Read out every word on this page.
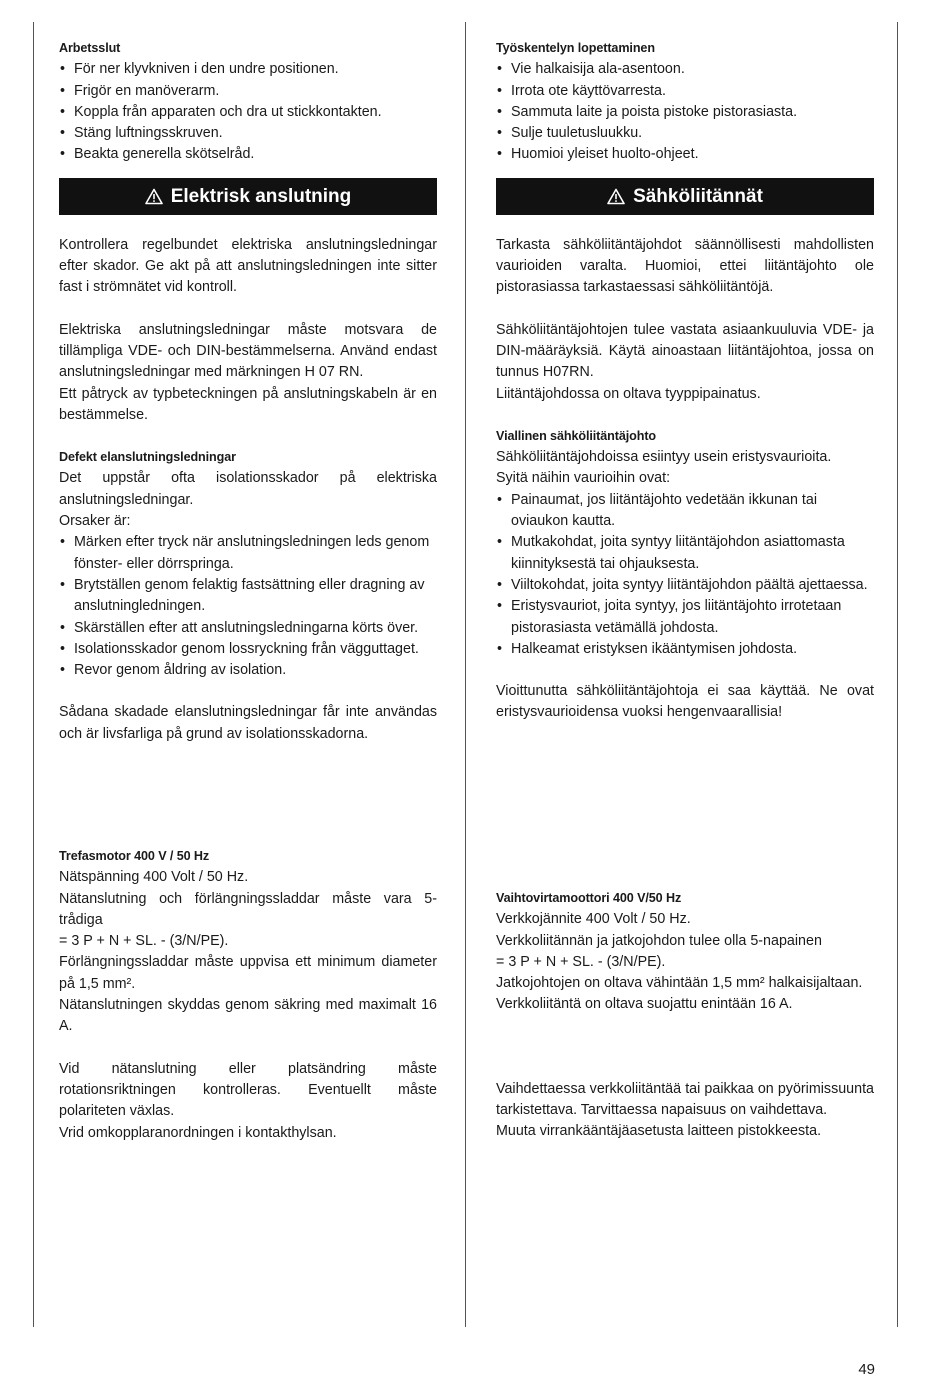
Arbetsslut

• För ner klyvkniven i den undre positionen.
• Frigör en manöverarm.
• Koppla från apparaten och dra ut stickkontakten.
• Stäng luftningsskruven.
• Beakta generella skötselråd.
Elektrisk anslutning

Kontrollera regelbundet elektriska anslutningsledningar efter skador. Ge akt på att anslutningsledningen inte sitter fast i strömnätet vid kontroll.

Elektriska anslutningsledningar måste motsvara de tillämpliga VDE- och DIN-bestämmelserna. Använd endast anslutningsledningar med märkningen H 07 RN.

Ett påtryck av typbeteckningen på anslutningskabeln är en bestämmelse.

Defekt elanslutningsledningar

Det uppstår ofta isolationsskador på elektriska anslutningsledningar.

Orsaker är:

• Märken efter tryck när anslutningsledningen leds genom fönster- eller dörrspringa.
• Brytställen genom felaktig fastsättning eller dragning av anslutningledningen.
• Skärställen efter att anslutningsledningarna körts över.
• Isolationsskador genom lossryckning från vägguttaget.
• Revor genom åldring av isolation.

Sådana skadade elanslutningsledningar får inte användas och är livsfarliga på grund av isolationsskadorna.

Trefasmotor 400 V / 50 Hz

Nätspänning 400 Volt / 50 Hz.

Nätanslutning och förlängningssladdar måste vara 5-trådiga

= 3 P + N + SL. - (3/N/PE).

Förlängningssladdar måste uppvisa ett minimum diameter på 1,5 mm².

Nätanslutningen skyddas genom säkring med maximalt 16 A.

Vid nätanslutning eller platsändring måste rotationsriktningen kontrolleras. Eventuellt måste polariteten växlas.

Vrid omkopplaranordningen i kontakthylsan.

Työskentelyn lopettaminen

• Vie halkaisija ala-asentoon.
• Irrota ote käyttövarresta.
• Sammuta laite ja poista pistoke pistorasiasta.
• Sulje tuuletusluukku.
• Huomioi yleiset huolto-ohjeet.
Sähköliitännät

Tarkasta sähköliitäntäjohdot säännöllisesti mahdollisten vaurioiden varalta. Huomioi, ettei liitäntäjohto ole pistorasiassa tarkastaessasi sähköliitäntöjä.

Sähköliitäntäjohtojen tulee vastata asiaankuuluvia VDE- ja DIN-määräyksiä. Käytä ainoastaan liitäntäjohtoa, jossa on tunnus H07RN.

Liitäntäjohdossa on oltava tyyppipainatus.

Viallinen sähköliitäntäjohto

Sähköliitäntäjohdoissa esiintyy usein eristysvaurioita.

Syitä näihin vaurioihin ovat:

• Painaumat, jos liitäntäjohto vedetään ikkunan tai oviaukon kautta.
• Mutkakohdat, joita syntyy liitäntäjohdon asiattomasta kiinnityksestä tai ohjauksesta.
• Viiltokohdat, joita syntyy liitäntäjohdon päältä ajettaessa.
• Eristysvauriot, joita syntyy, jos liitäntäjohto irrotetaan pistorasiasta vetämällä johdosta.
• Halkeamat eristyksen ikääntymisen johdosta.

Vioittunutta sähköliitäntäjohtoja ei saa käyttää. Ne ovat eristysvaurioidensa vuoksi hengenvaarallisia!

Vaihtovirtamoottori 400 V/50 Hz

Verkkojännite 400 Volt / 50 Hz.

Verkkoliitännän ja jatkojohdon tulee olla 5-napainen

= 3 P + N + SL. - (3/N/PE).

Jatkojohtojen on oltava vähintään 1,5 mm² halkaisijaltaan.

Verkkoliitäntä on oltava suojattu enintään 16 A.

Vaihdettaessa verkkoliitäntää tai paikkaa on pyörimissuunta tarkistettava. Tarvittaessa napaisuus on vaihdettava.

Muuta virrankääntäjäasetusta laitteen pistokkeesta.

49
